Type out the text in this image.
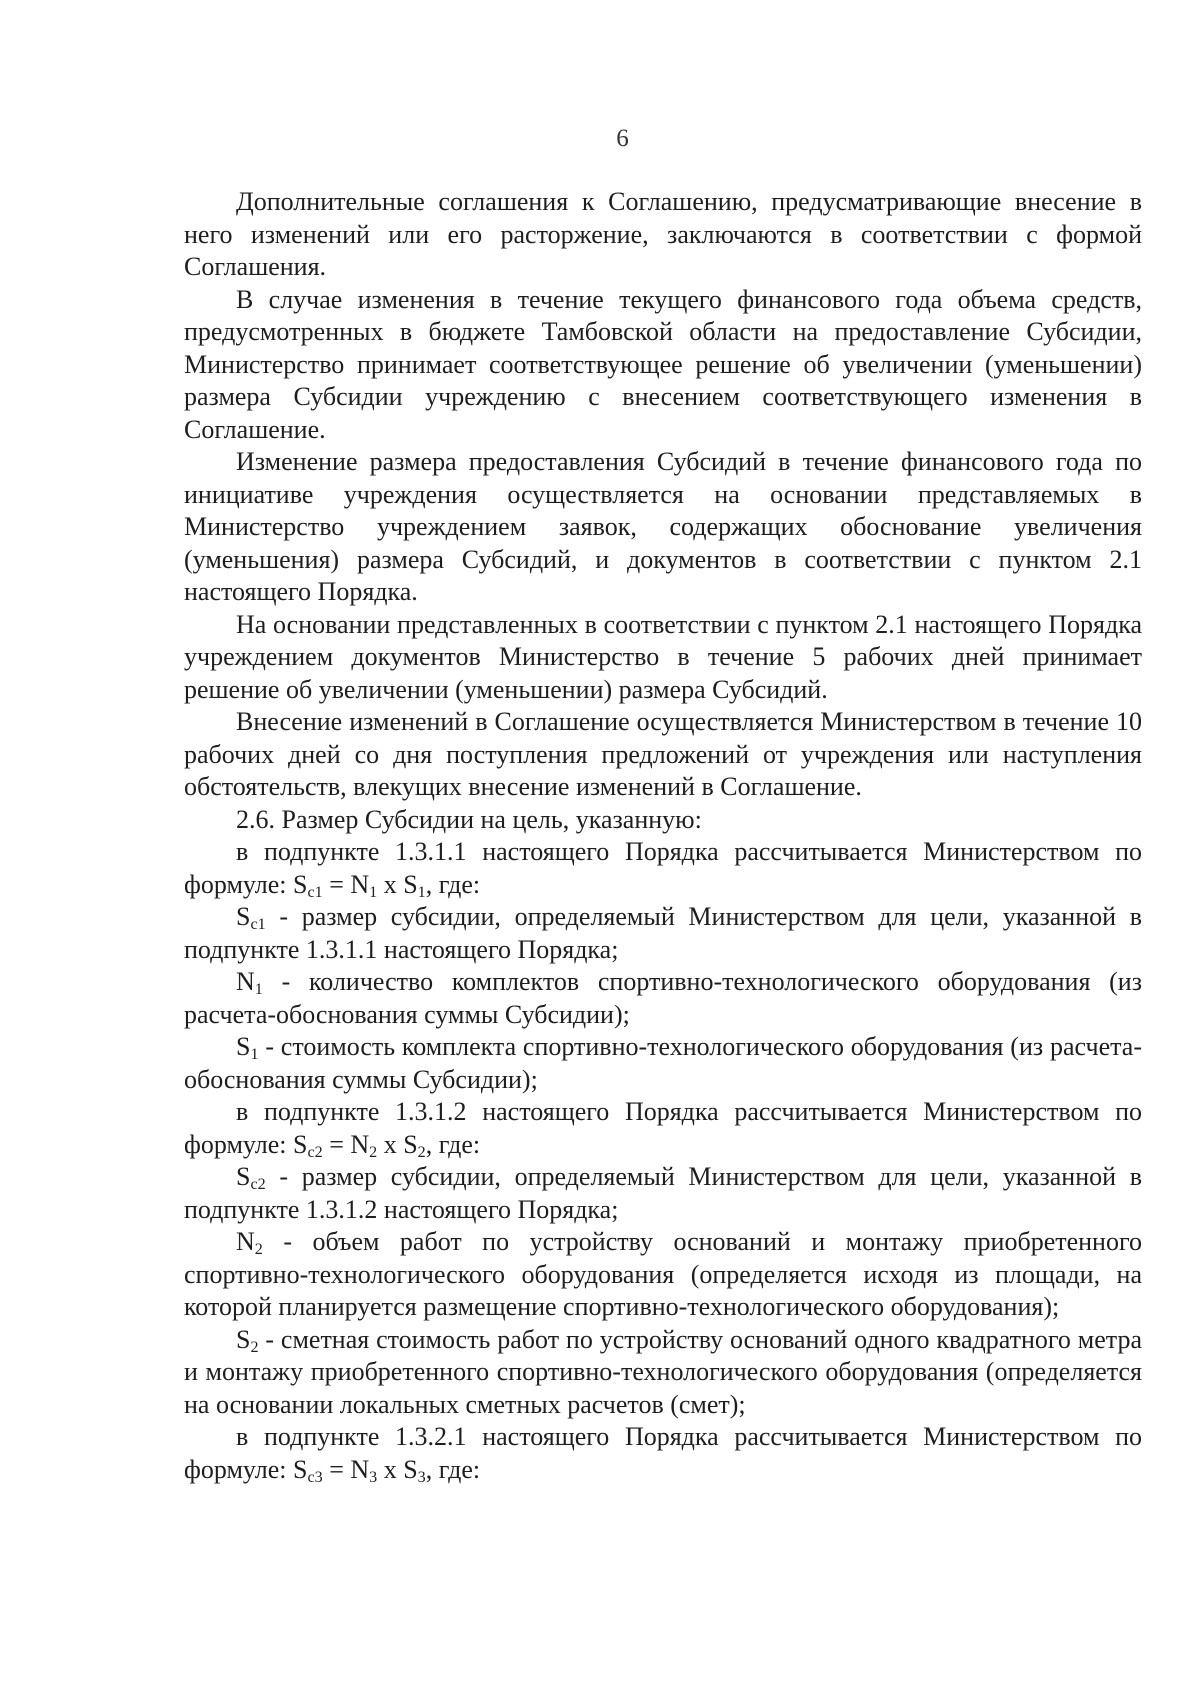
6

Дополнительные соглашения к Соглашению, предусматривающие внесение в него изменений или его расторжение, заключаются в соответствии с формой Соглашения.

В случае изменения в течение текущего финансового года объема средств, предусмотренных в бюджете Тамбовской области на предоставление Субсидии, Министерство принимает соответствующее решение об увеличении (уменьшении) размера Субсидии учреждению с внесением соответствующего изменения в Соглашение.

Изменение размера предоставления Субсидий в течение финансового года по инициативе учреждения осуществляется на основании представляемых в Министерство учреждением заявок, содержащих обоснование увеличения (уменьшения) размера Субсидий, и документов в соответствии с пунктом 2.1 настоящего Порядка.

На основании представленных в соответствии с пунктом 2.1 настоящего Порядка учреждением документов Министерство в течение 5 рабочих дней принимает решение об увеличении (уменьшении) размера Субсидий.

Внесение изменений в Соглашение осуществляется Министерством в течение 10 рабочих дней со дня поступления предложений от учреждения или наступления обстоятельств, влекущих внесение изменений в Соглашение.

2.6. Размер Субсидии на цель, указанную:

в подпункте 1.3.1.1 настоящего Порядка рассчитывается Министерством по формуле: $S_{c1} = N_1$ x $S_1$, где:

$S_{c1}$ - размер субсидии, определяемый Министерством для цели, указанной в подпункте 1.3.1.1 настоящего Порядка;

$N_1$ - количество комплектов спортивно-технологического оборудования (из расчета-обоснования суммы Субсидии);

$S_1$ - стоимость комплекта спортивно-технологического оборудования (из расчета-обоснования суммы Субсидии);

в подпункте 1.3.1.2 настоящего Порядка рассчитывается Министерством по формуле: $S_{c2} = N_2$ x $S_2$, где:

$S_{c2}$ - размер субсидии, определяемый Министерством для цели, указанной в подпункте 1.3.1.2 настоящего Порядка;

$N_2$ - объем работ по устройству оснований и монтажу приобретенного спортивно-технологического оборудования (определяется исходя из площади, на которой планируется размещение спортивно-технологического оборудования);

$S_2$ - сметная стоимость работ по устройству оснований одного квадратного метра и монтажу приобретенного спортивно-технологического оборудования (определяется на основании локальных сметных расчетов (смет);

в подпункте 1.3.2.1 настоящего Порядка рассчитывается Министерством по формуле: $S_{c3} = N_3$ x $S_3$, где:
